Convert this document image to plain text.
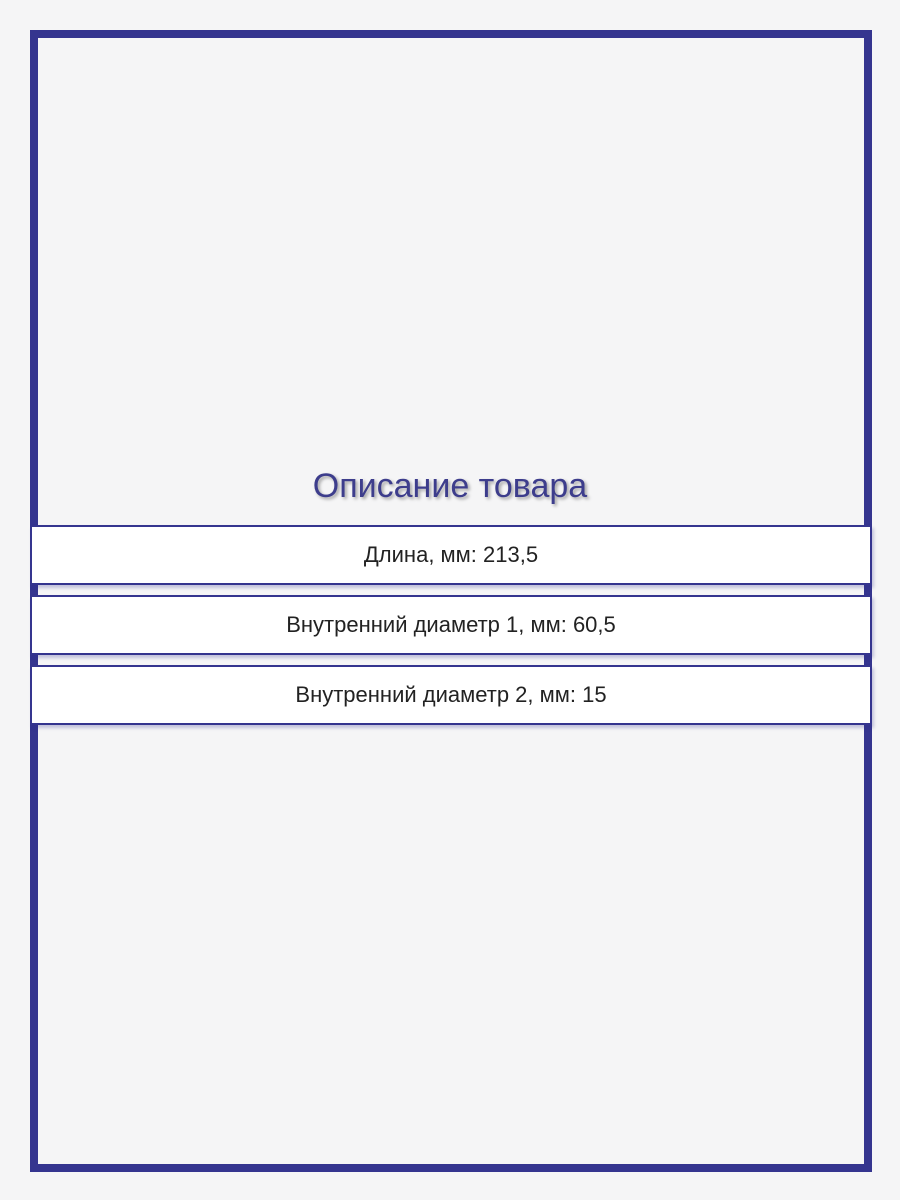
Описание товара
Длина, мм: 213,5
Внутренний диаметр 1, мм: 60,5
Внутренний диаметр 2, мм: 15
